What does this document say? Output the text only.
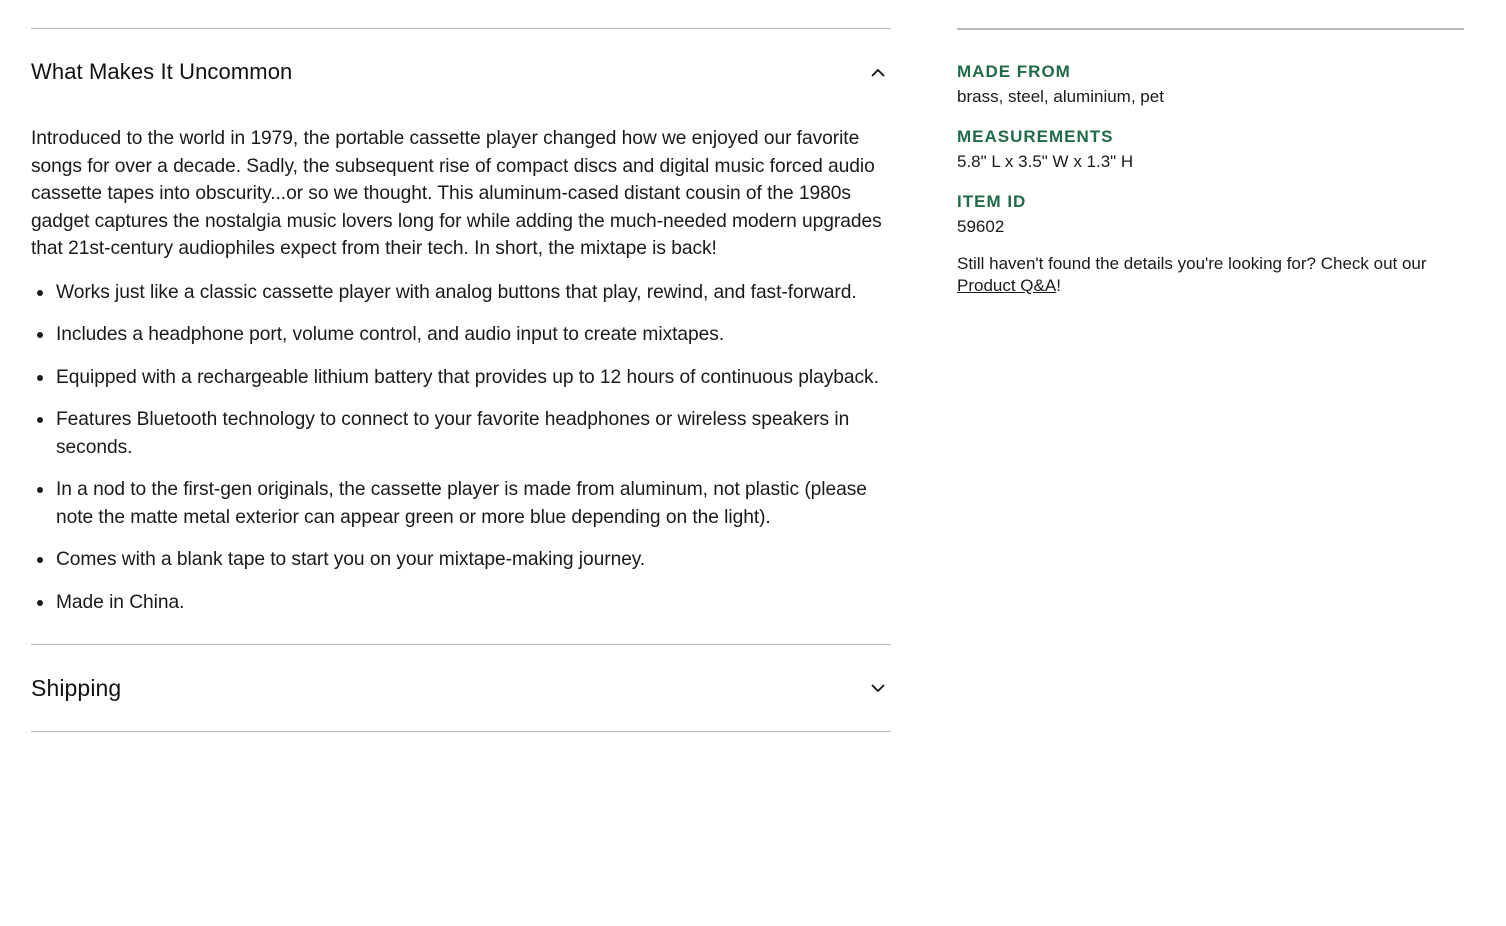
What Makes It Uncommon

Introduced to the world in 1979, the portable cassette player changed how we enjoyed our favorite songs for over a decade. Sadly, the subsequent rise of compact discs and digital music forced audio cassette tapes into obscurity...or so we thought. This aluminum-cased distant cousin of the 1980s gadget captures the nostalgia music lovers long for while adding the much-needed modern upgrades that 21st-century audiophiles expect from their tech. In short, the mixtape is back!

Works just like a classic cassette player with analog buttons that play, rewind, and fast-forward.
Includes a headphone port, volume control, and audio input to create mixtapes.
Equipped with a rechargeable lithium battery that provides up to 12 hours of continuous playback.
Features Bluetooth technology to connect to your favorite headphones or wireless speakers in seconds.
In a nod to the first-gen originals, the cassette player is made from aluminum, not plastic (please note the matte metal exterior can appear green or more blue depending on the light).
Comes with a blank tape to start you on your mixtape-making journey.
Made in China.
Shipping
MADE FROM
brass, steel, aluminium, pet
MEASUREMENTS
5.8" L x 3.5" W x 1.3" H
ITEM ID
59602
Still haven't found the details you're looking for? Check out our Product Q&A!
